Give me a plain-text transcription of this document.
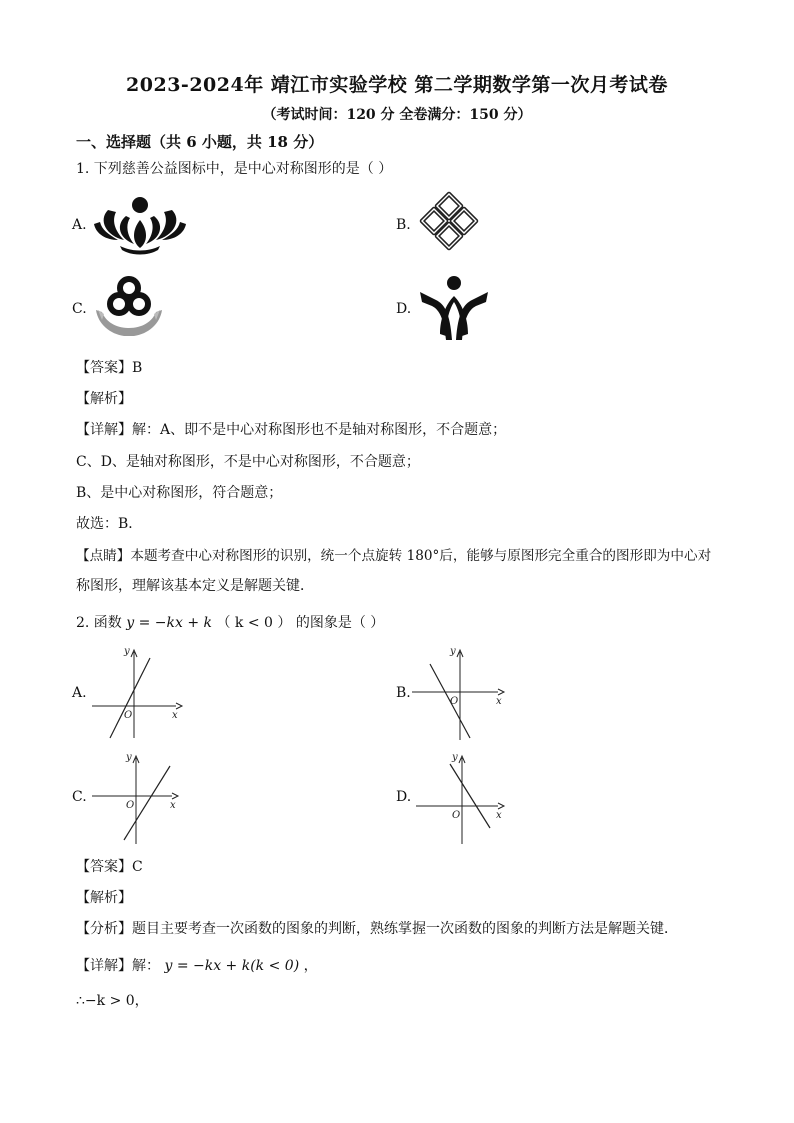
2023-2024年 靖江市实验学校 第二学期数学第一次月考试卷
（考试时间：120 分 全卷满分：150 分）
一、选择题（共 6 小题，共 18 分）
1. 下列慈善公益图标中，是中心对称图形的是（ ）
A.	B.
C.	D.
【答案】B
【解析】
【详解】解：A、即不是中心对称图形也不是轴对称图形，不合题意；
C、D、是轴对称图形，不是中心对称图形，不合题意；
B、是中心对称图形，符合题意；
故选：B．
【点睛】本题考查中心对称图形的识别，统一个点旋转 180°后，能够与原图形完全重合的图形即为中心对
称图形，理解该基本定义是解题关键．
2. 函数 y = −kx + k （ k < 0 ） 的图象是（ ）
A.
x
y
O
B.
x
y
O
C.
x
y
O
D.
x
y
O
【答案】C
【解析】
【分析】题目主要考查一次函数的图象的判断，熟练掌握一次函数的图象的判断方法是解题关键．
【详解】解： y = −kx + k(k < 0) ，
∴−k > 0，
